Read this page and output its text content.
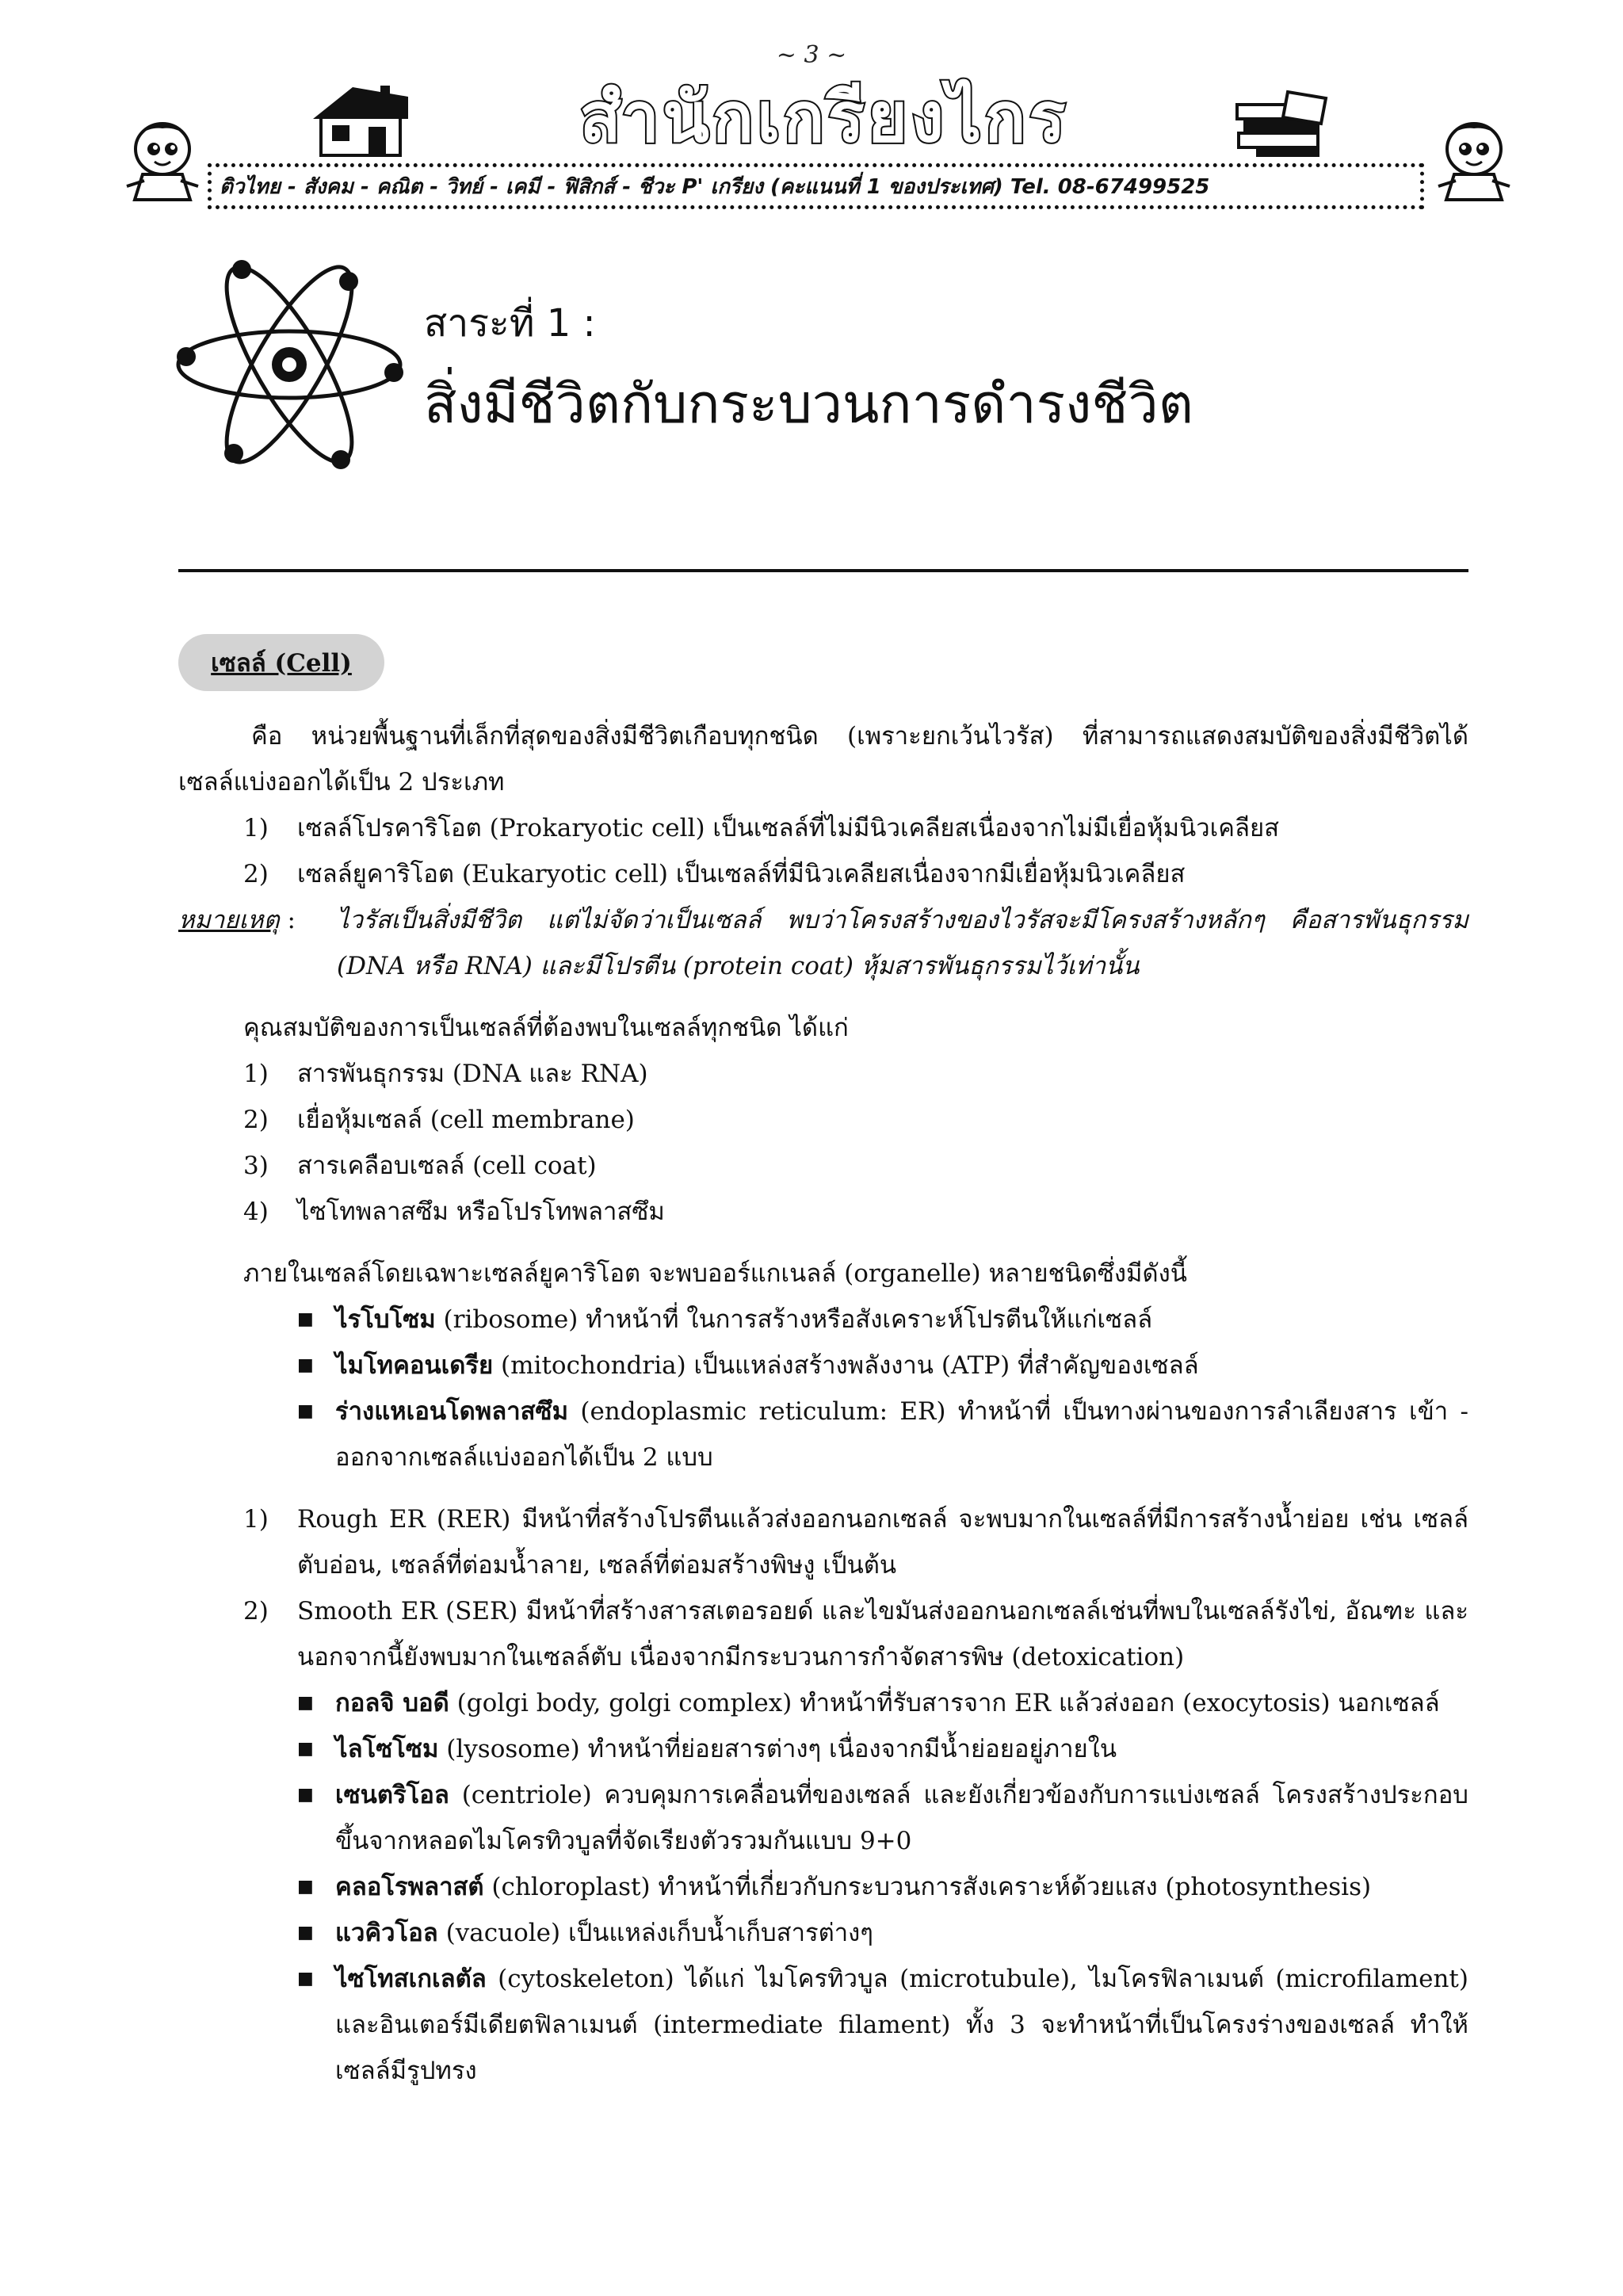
~ 3 ~
สำนักเกรียงไกร
ติวไทย - สังคม - คณิต - วิทย์ - เคมี - ฟิสิกส์ - ชีวะ P' เกรียง (คะแนนที่ 1 ของประเทศ) Tel. 08-67499525
สาระที่ 1 :
สิ่งมีชีวิตกับกระบวนการดำรงชีวิต
เซลล์ (Cell)

คือ หน่วยพื้นฐานที่เล็กที่สุดของสิ่งมีชีวิตเกือบทุกชนิด (เพราะยกเว้นไวรัส) ที่สามารถแสดงสมบัติของสิ่งมีชีวิตได้ เซลล์แบ่งออกได้เป็น 2 ประเภท

1)	เซลล์โปรคาริโอต (Prokaryotic cell) เป็นเซลล์ที่ไม่มีนิวเคลียสเนื่องจากไม่มีเยื่อหุ้มนิวเคลียส
2)	เซลล์ยูคาริโอต (Eukaryotic cell) เป็นเซลล์ที่มีนิวเคลียสเนื่องจากมีเยื่อหุ้มนิวเคลียส
หมายเหตุ :	ไวรัสเป็นสิ่งมีชีวิต แต่ไม่จัดว่าเป็นเซลล์ พบว่าโครงสร้างของไวรัสจะมีโครงสร้างหลักๆ คือสารพันธุกรรม (DNA หรือ RNA) และมีโปรตีน (protein coat) หุ้มสารพันธุกรรมไว้เท่านั้น

คุณสมบัติของการเป็นเซลล์ที่ต้องพบในเซลล์ทุกชนิด ได้แก่

1)	สารพันธุกรรม (DNA และ RNA)
2)	เยื่อหุ้มเซลล์ (cell membrane)
3)	สารเคลือบเซลล์ (cell coat)
4)	ไซโทพลาสซึม หรือโปรโทพลาสซึม

ภายในเซลล์โดยเฉพาะเซลล์ยูคาริโอต จะพบออร์แกเนลล์ (organelle) หลายชนิดซึ่งมีดังนี้

■ ไรโบโซม (ribosome) ทำหน้าที่ ในการสร้างหรือสังเคราะห์โปรตีนให้แก่เซลล์
■ ไมโทคอนเดรีย (mitochondria) เป็นแหล่งสร้างพลังงาน (ATP) ที่สำคัญของเซลล์
■ ร่างแหเอนโดพลาสซึม (endoplasmic reticulum: ER) ทำหน้าที่ เป็นทางผ่านของการลำเลียงสาร เข้า - ออกจากเซลล์แบ่งออกได้เป็น 2 แบบ
1)	Rough ER (RER) มีหน้าที่สร้างโปรตีนแล้วส่งออกนอกเซลล์ จะพบมากในเซลล์ที่มีการสร้างน้ำย่อย เช่น เซลล์ตับอ่อน, เซลล์ที่ต่อมน้ำลาย, เซลล์ที่ต่อมสร้างพิษงู เป็นต้น
2)	Smooth ER (SER) มีหน้าที่สร้างสารสเตอรอยด์ และไขมันส่งออกนอกเซลล์เช่นที่พบในเซลล์รังไข่, อัณฑะ และนอกจากนี้ยังพบมากในเซลล์ตับ เนื่องจากมีกระบวนการกำจัดสารพิษ (detoxication)
■ กอลจิ บอดี (golgi body, golgi complex) ทำหน้าที่รับสารจาก ER แล้วส่งออก (exocytosis) นอกเซลล์
■ ไลโซโซม (lysosome) ทำหน้าที่ย่อยสารต่างๆ เนื่องจากมีน้ำย่อยอยู่ภายใน
■ เซนตริโอล (centriole) ควบคุมการเคลื่อนที่ของเซลล์ และยังเกี่ยวข้องกับการแบ่งเซลล์ โครงสร้างประกอบขึ้นจากหลอดไมโครทิวบูลที่จัดเรียงตัวรวมกันแบบ 9+0
■ คลอโรพลาสต์ (chloroplast) ทำหน้าที่เกี่ยวกับกระบวนการสังเคราะห์ด้วยแสง (photosynthesis)
■ แวคิวโอล (vacuole) เป็นแหล่งเก็บน้ำเก็บสารต่างๆ
■ ไซโทสเกเลตัล (cytoskeleton) ได้แก่ ไมโครทิวบูล (microtubule), ไมโครฟิลาเมนต์ (microfilament) และอินเตอร์มีเดียตฟิลาเมนต์ (intermediate filament) ทั้ง 3 จะทำหน้าที่เป็นโครงร่างของเซลล์ ทำให้เซลล์มีรูปทรง
